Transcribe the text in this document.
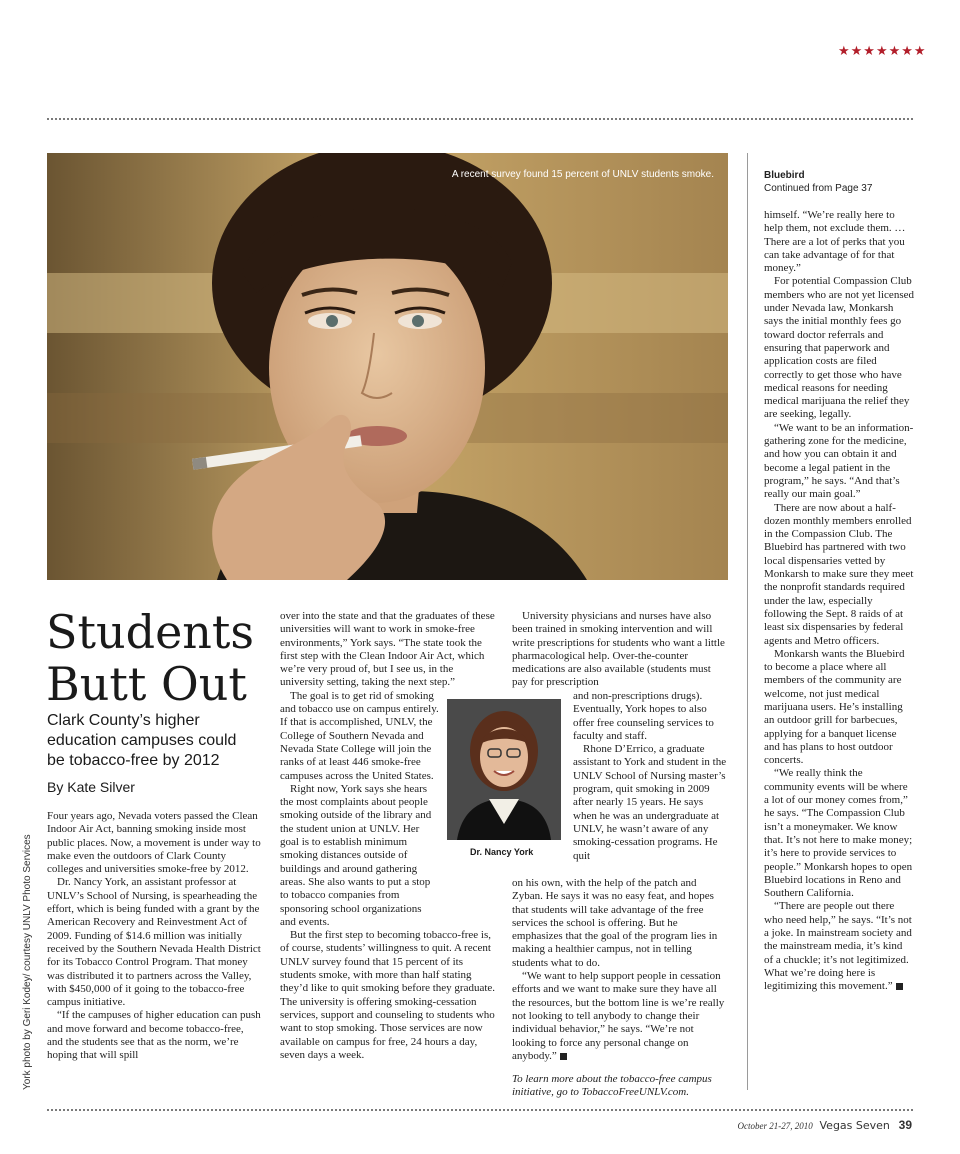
★★★★★★★
A recent survey found 15 percent of UNLV students smoke.
York photo by Geri Kodey/ courtesy UNLV Photo Services
Students
Butt Out
Clark County’s higher education campuses could be tobacco-free by 2012
By Kate Silver

Four years ago, Nevada voters passed the Clean Indoor Air Act, banning smoking inside most public places. Now, a movement is under way to make even the outdoors of Clark County colleges and universities smoke-free by 2012.

Dr. Nancy York, an assistant professor at UNLV’s School of Nursing, is spearheading the effort, which is being funded with a grant by the American Recovery and Reinvestment Act of 2009. Funding of $14.6 million was initially received by the Southern Nevada Health District for its Tobacco Control Program. That money was distributed it to partners across the Valley, with $450,000 of it going to the tobacco-free campus initiative.

“If the campuses of higher education can push and move forward and become tobacco-free, and the students see that as the norm, we’re hoping that will spill

over into the state and that the graduates of these universities will want to work in smoke-free environments,” York says. “The state took the first step with the Clean Indoor Air Act, which we’re very proud of, but I see us, in the university setting, taking the next step.”

The goal is to get rid of smoking and tobacco use on campus entirely. If that is accomplished, UNLV, the College of Southern Nevada and Nevada State College will join the ranks of at least 446 smoke-free campuses across the United States.

Right now, York says she hears the most complaints about people smoking outside of the library and the student union at UNLV. Her goal is to establish minimum smoking distances outside of buildings and around gathering areas. She also wants to put a stop to tobacco companies from sponsoring school organizations and events.

But the first step to becoming tobacco-free is, of course, students’ willingness to quit. A recent UNLV survey found that 15 percent of its students smoke, with more than half stating they’d like to quit smoking before they graduate. The university is offering smoking-cessation services, support and counseling to students who want to stop smoking. Those services are now available on campus for free, 24 hours a day, seven days a week.

University physicians and nurses have also been trained in smoking intervention and will write prescriptions for students who want a little pharmacological help. Over-the-counter medications are also available (students must pay for prescription

and non-prescriptions drugs). Eventually, York hopes to also offer free counseling services to faculty and staff.

Rhone D’Errico, a graduate assistant to York and student in the UNLV School of Nursing master’s program, quit smoking in 2009 after nearly 15 years. He says when he was an undergraduate at UNLV, he wasn’t aware of any smoking-cessation programs. He quit

on his own, with the help of the patch and Zyban. He says it was no easy feat, and hopes that students will take advantage of the free services the school is offering. But he emphasizes that the goal of the program lies in making a healthier campus, not in telling students what to do.

“We want to help support people in cessation efforts and we want to make sure they have all the resources, but the bottom line is we’re really not looking to tell anybody to change their individual behavior,” he says. “We’re not looking to force any personal change on anybody.”

To learn more about the tobacco-free campus initiative, go to TobaccoFreeUNLV.com.

Dr. Nancy York
Bluebird
Continued from Page 37

himself. “We’re really here to help them, not exclude them. … There are a lot of perks that you can take advantage of for that money.”

For potential Compassion Club members who are not yet licensed under Nevada law, Monkarsh says the initial monthly fees go toward doctor referrals and ensuring that paperwork and application costs are filed correctly to get those who have medical reasons for needing medical marijuana the relief they are seeking, legally.

“We want to be an information-gathering zone for the medicine, and how you can obtain it and become a legal patient in the program,” he says. “And that’s really our main goal.”

There are now about a half-dozen monthly members enrolled in the Compassion Club. The Bluebird has partnered with two local dispensaries vetted by Monkarsh to make sure they meet the nonprofit standards required under the law, especially following the Sept. 8 raids of at least six dispensaries by federal agents and Metro officers.

Monkarsh wants the Bluebird to become a place where all members of the community are welcome, not just medical marijuana users. He’s installing an outdoor grill for barbecues, applying for a banquet license and has plans to host outdoor concerts.

“We really think the community events will be where a lot of our money comes from,” he says. “The Compassion Club isn’t a moneymaker. We know that. It’s not here to make money; it’s here to provide services to people.” Monkarsh hopes to open Bluebird locations in Reno and Southern California.

“There are people out there who need help,” he says. “It’s not a joke. In mainstream society and the mainstream media, it’s kind of a chuckle; it’s not legitimized. What we’re doing here is legitimizing this movement.”

October 21-27, 2010 Vegas Seven 39
